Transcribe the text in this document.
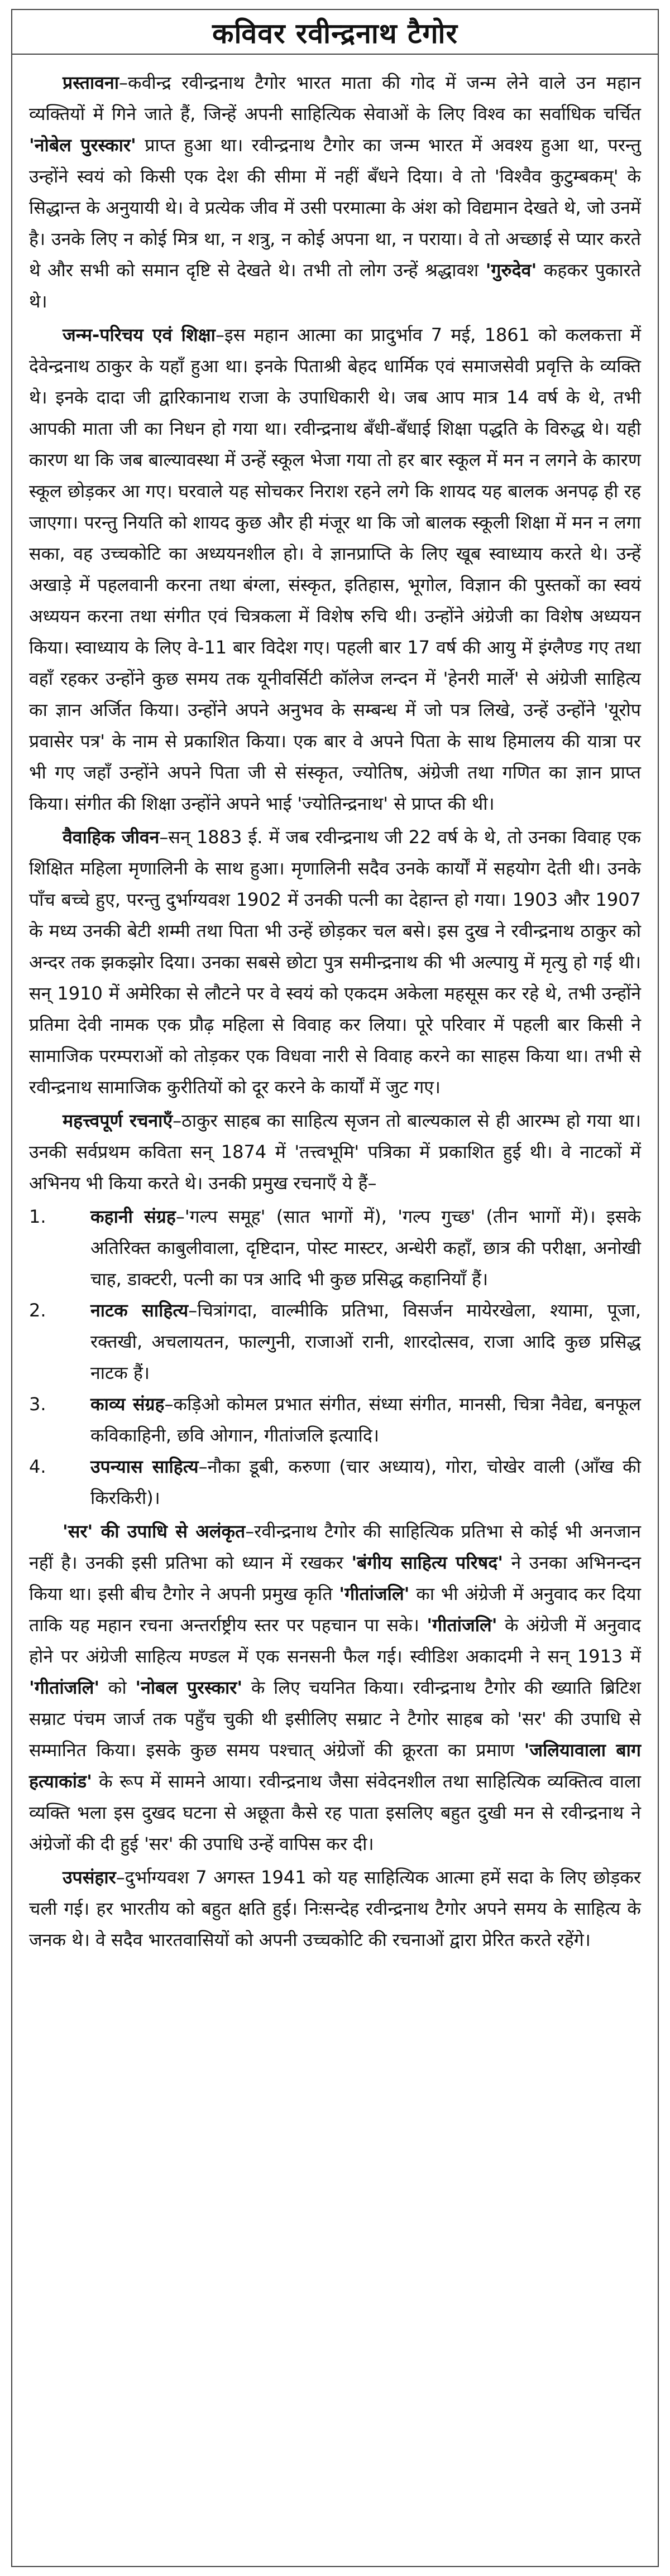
कविवर रवीन्द्रनाथ टैगोर

प्रस्तावना–कवीन्द्र रवीन्द्रनाथ टैगोर भारत माता की गोद में जन्म लेने वाले उन महान व्यक्तियों में गिने जाते हैं, जिन्हें अपनी साहित्यिक सेवाओं के लिए विश्व का सर्वाधिक चर्चित 'नोबेल पुरस्कार' प्राप्त हुआ था। रवीन्द्रनाथ टैगोर का जन्म भारत में अवश्य हुआ था, परन्तु उन्होंने स्वयं को किसी एक देश की सीमा में नहीं बँधने दिया। वे तो 'विश्वैव कुटुम्बकम्' के सिद्धान्त के अनुयायी थे। वे प्रत्येक जीव में उसी परमात्मा के अंश को विद्यमान देखते थे, जो उनमें है। उनके लिए न कोई मित्र था, न शत्रु, न कोई अपना था, न पराया। वे तो अच्छाई से प्यार करते थे और सभी को समान दृष्टि से देखते थे। तभी तो लोग उन्हें श्रद्धावश 'गुरुदेव' कहकर पुकारते थे।

जन्म-परिचय एवं शिक्षा–इस महान आत्मा का प्रादुर्भाव 7 मई, 1861 को कलकत्ता में देवेन्द्रनाथ ठाकुर के यहाँ हुआ था। इनके पिताश्री बेहद धार्मिक एवं समाजसेवी प्रवृत्ति के व्यक्ति थे। इनके दादा जी द्वारिकानाथ राजा के उपाधिकारी थे। जब आप मात्र 14 वर्ष के थे, तभी आपकी माता जी का निधन हो गया था। रवीन्द्रनाथ बँधी-बँधाई शिक्षा पद्धति के विरुद्ध थे। यही कारण था कि जब बाल्यावस्था में उन्हें स्कूल भेजा गया तो हर बार स्कूल में मन न लगने के कारण स्कूल छोड़कर आ गए। घरवाले यह सोचकर निराश रहने लगे कि शायद यह बालक अनपढ़ ही रह जाएगा। परन्तु नियति को शायद कुछ और ही मंजूर था कि जो बालक स्कूली शिक्षा में मन न लगा सका, वह उच्चकोटि का अध्ययनशील हो। वे ज्ञानप्राप्ति के लिए खूब स्वाध्याय करते थे। उन्हें अखाड़े में पहलवानी करना तथा बंग्ला, संस्कृत, इतिहास, भूगोल, विज्ञान की पुस्तकों का स्वयं अध्ययन करना तथा संगीत एवं चित्रकला में विशेष रुचि थी। उन्होंने अंग्रेजी का विशेष अध्ययन किया। स्वाध्याय के लिए वे-11 बार विदेश गए। पहली बार 17 वर्ष की आयु में इंग्लैण्ड गए तथा वहाँ रहकर उन्होंने कुछ समय तक यूनीवर्सिटी कॉलेज लन्दन में 'हेनरी मार्ले' से अंग्रेजी साहित्य का ज्ञान अर्जित किया। उन्होंने अपने अनुभव के सम्बन्ध में जो पत्र लिखे, उन्हें उन्होंने 'यूरोप प्रवासेर पत्र' के नाम से प्रकाशित किया। एक बार वे अपने पिता के साथ हिमालय की यात्रा पर भी गए जहाँ उन्होंने अपने पिता जी से संस्कृत, ज्योतिष, अंग्रेजी तथा गणित का ज्ञान प्राप्त किया। संगीत की शिक्षा उन्होंने अपने भाई 'ज्योतिन्द्रनाथ' से प्राप्त की थी।

वैवाहिक जीवन–सन् 1883 ई. में जब रवीन्द्रनाथ जी 22 वर्ष के थे, तो उनका विवाह एक शिक्षित महिला मृणालिनी के साथ हुआ। मृणालिनी सदैव उनके कार्यों में सहयोग देती थी। उनके पाँच बच्चे हुए, परन्तु दुर्भाग्यवश 1902 में उनकी पत्नी का देहान्त हो गया। 1903 और 1907 के मध्य उनकी बेटी शम्मी तथा पिता भी उन्हें छोड़कर चल बसे। इस दुख ने रवीन्द्रनाथ ठाकुर को अन्दर तक झकझोर दिया। उनका सबसे छोटा पुत्र समीन्द्रनाथ की भी अल्पायु में मृत्यु हो गई थी। सन् 1910 में अमेरिका से लौटने पर वे स्वयं को एकदम अकेला महसूस कर रहे थे, तभी उन्होंने प्रतिमा देवी नामक एक प्रौढ़ महिला से विवाह कर लिया। पूरे परिवार में पहली बार किसी ने सामाजिक परम्पराओं को तोड़कर एक विधवा नारी से विवाह करने का साहस किया था। तभी से रवीन्द्रनाथ सामाजिक कुरीतियों को दूर करने के कार्यों में जुट गए।

महत्त्वपूर्ण रचनाएँ–ठाकुर साहब का साहित्य सृजन तो बाल्यकाल से ही आरम्भ हो गया था। उनकी सर्वप्रथम कविता सन् 1874 में 'तत्त्वभूमि' पत्रिका में प्रकाशित हुई थी। वे नाटकों में अभिनय भी किया करते थे। उनकी प्रमुख रचनाएँ ये हैं–

1.	कहानी संग्रह–'गल्प समूह' (सात भागों में), 'गल्प गुच्छ' (तीन भागों में)। इसके अतिरिक्त काबुलीवाला, दृष्टिदान, पोस्ट मास्टर, अन्धेरी कहाँ, छात्र की परीक्षा, अनोखी चाह, डाक्टरी, पत्नी का पत्र आदि भी कुछ प्रसिद्ध कहानियाँ हैं।
2.	नाटक साहित्य–चित्रांगदा, वाल्मीकि प्रतिभा, विसर्जन मायेरखेला, श्यामा, पूजा, रक्तखी, अचलायतन, फाल्गुनी, राजाओं रानी, शारदोत्सव, राजा आदि कुछ प्रसिद्ध नाटक हैं।
3.	काव्य संग्रह–कड़िओ कोमल प्रभात संगीत, संध्या संगीत, मानसी, चित्रा नैवेद्य, बनफूल कविकाहिनी, छवि ओगान, गीतांजलि इत्यादि।
4.	उपन्यास साहित्य–नौका डूबी, करुणा (चार अध्याय), गोरा, चोखेर वाली (आँख की किरकिरी)।

'सर' की उपाधि से अलंकृत–रवीन्द्रनाथ टैगोर की साहित्यिक प्रतिभा से कोई भी अनजान नहीं है। उनकी इसी प्रतिभा को ध्यान में रखकर 'बंगीय साहित्य परिषद' ने उनका अभिनन्दन किया था। इसी बीच टैगोर ने अपनी प्रमुख कृति 'गीतांजलि' का भी अंग्रेजी में अनुवाद कर दिया ताकि यह महान रचना अन्तर्राष्ट्रीय स्तर पर पहचान पा सके। 'गीतांजलि' के अंग्रेजी में अनुवाद होने पर अंग्रेजी साहित्य मण्डल में एक सनसनी फैल गई। स्वीडिश अकादमी ने सन् 1913 में 'गीतांजलि' को 'नोबल पुरस्कार' के लिए चयनित किया। रवीन्द्रनाथ टैगोर की ख्याति ब्रिटिश सम्राट पंचम जार्ज तक पहुँच चुकी थी इसीलिए सम्राट ने टैगोर साहब को 'सर' की उपाधि से सम्मानित किया। इसके कुछ समय पश्चात् अंग्रेजों की क्रूरता का प्रमाण 'जलियावाला बाग हत्याकांड' के रूप में सामने आया। रवीन्द्रनाथ जैसा संवेदनशील तथा साहित्यिक व्यक्तित्व वाला व्यक्ति भला इस दुखद घटना से अछूता कैसे रह पाता इसलिए बहुत दुखी मन से रवीन्द्रनाथ ने अंग्रेजों की दी हुई 'सर' की उपाधि उन्हें वापिस कर दी।

उपसंहार–दुर्भाग्यवश 7 अगस्त 1941 को यह साहित्यिक आत्मा हमें सदा के लिए छोड़कर चली गई। हर भारतीय को बहुत क्षति हुई। निःसन्देह रवीन्द्रनाथ टैगोर अपने समय के साहित्य के जनक थे। वे सदैव भारतवासियों को अपनी उच्चकोटि की रचनाओं द्वारा प्रेरित करते रहेंगे।
